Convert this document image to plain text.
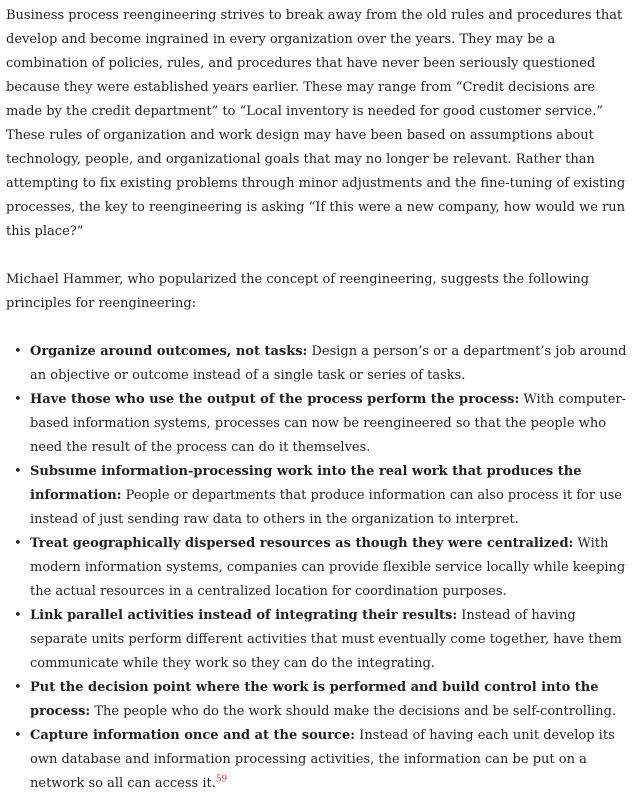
Business process reengineering strives to break away from the old rules and procedures that develop and become ingrained in every organization over the years. They may be a combination of policies, rules, and procedures that have never been seriously questioned because they were established years earlier. These may range from “Credit decisions are made by the credit department” to “Local inventory is needed for good customer service.” These rules of organization and work design may have been based on assumptions about technology, people, and organizational goals that may no longer be relevant. Rather than attempting to fix existing problems through minor adjustments and the fine-tuning of existing processes, the key to reengineering is asking “If this were a new company, how would we run this place?”

Michael Hammer, who popularized the concept of reengineering, suggests the following principles for reengineering:

• Organize around outcomes, not tasks: Design a person’s or a department’s job around an objective or outcome instead of a single task or series of tasks.
• Have those who use the output of the process perform the process: With computer-based information systems, processes can now be reengineered so that the people who need the result of the process can do it themselves.
• Subsume information-processing work into the real work that produces the information: People or departments that produce information can also process it for use instead of just sending raw data to others in the organization to interpret.
• Treat geographically dispersed resources as though they were centralized: With modern information systems, companies can provide flexible service locally while keeping the actual resources in a centralized location for coordination purposes.
• Link parallel activities instead of integrating their results: Instead of having separate units perform different activities that must eventually come together, have them communicate while they work so they can do the integrating.
• Put the decision point where the work is performed and build control into the process: The people who do the work should make the decisions and be self-controlling.
• Capture information once and at the source: Instead of having each unit develop its own database and information processing activities, the information can be put on a network so all can access it.$^{59}$
